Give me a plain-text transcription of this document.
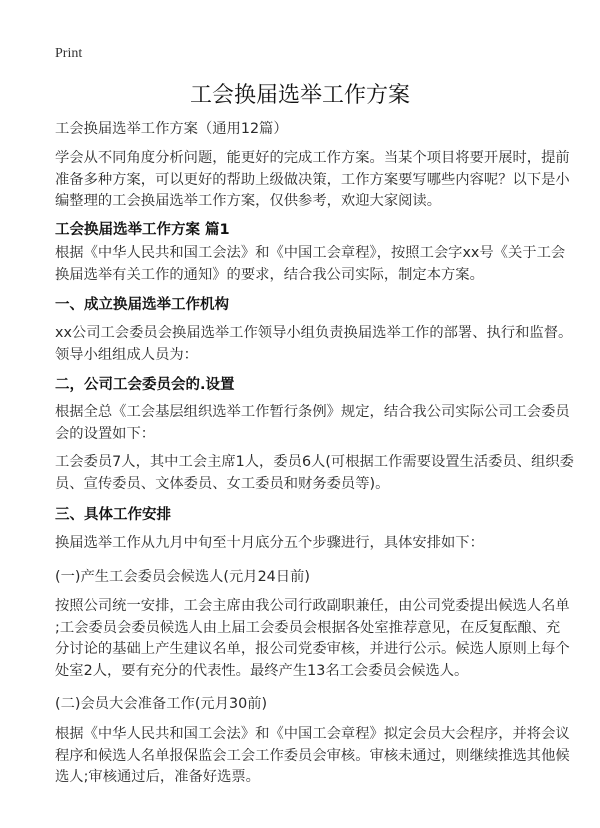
Print
工会换届选举工作方案
工会换届选举工作方案（通用12篇）
学会从不同角度分析问题，能更好的完成工作方案。当某个项目将要开展时，提前
准备多种方案，可以更好的帮助上级做决策，工作方案要写哪些内容呢？以下是小
编整理的工会换届选举工作方案，仅供参考，欢迎大家阅读。
工会换届选举工作方案 篇1
根据《中华人民共和国工会法》和《中国工会章程》，按照工会字xx号《关于工会
换届选举有关工作的通知》的要求，结合我公司实际，制定本方案。
一、成立换届选举工作机构
xx公司工会委员会换届选举工作领导小组负责换届选举工作的部署、执行和监督。
领导小组组成人员为：
二，公司工会委员会的.设置
根据全总《工会基层组织选举工作暂行条例》规定，结合我公司实际公司工会委员
会的设置如下：
工会委员7人，其中工会主席1人，委员6人(可根据工作需要设置生活委员、组织委
员、宣传委员、文体委员、女工委员和财务委员等)。
三、具体工作安排
换届选举工作从九月中旬至十月底分五个步骤进行，具体安排如下：
(一)产生工会委员会候选人(元月24日前)
按照公司统一安排，工会主席由我公司行政副职兼任，由公司党委提出候选人名单
;工会委员会委员候选人由上届工会委员会根据各处室推荐意见，在反复酝酿、充
分讨论的基础上产生建议名单，报公司党委审核，并进行公示。候选人原则上每个
处室2人，要有充分的代表性。最终产生13名工会委员会候选人。
(二)会员大会准备工作(元月30前)
根据《中华人民共和国工会法》和《中国工会章程》拟定会员大会程序，并将会议
程序和候选人名单报保监会工会工作委员会审核。审核未通过，则继续推选其他候
选人;审核通过后，准备好选票。
